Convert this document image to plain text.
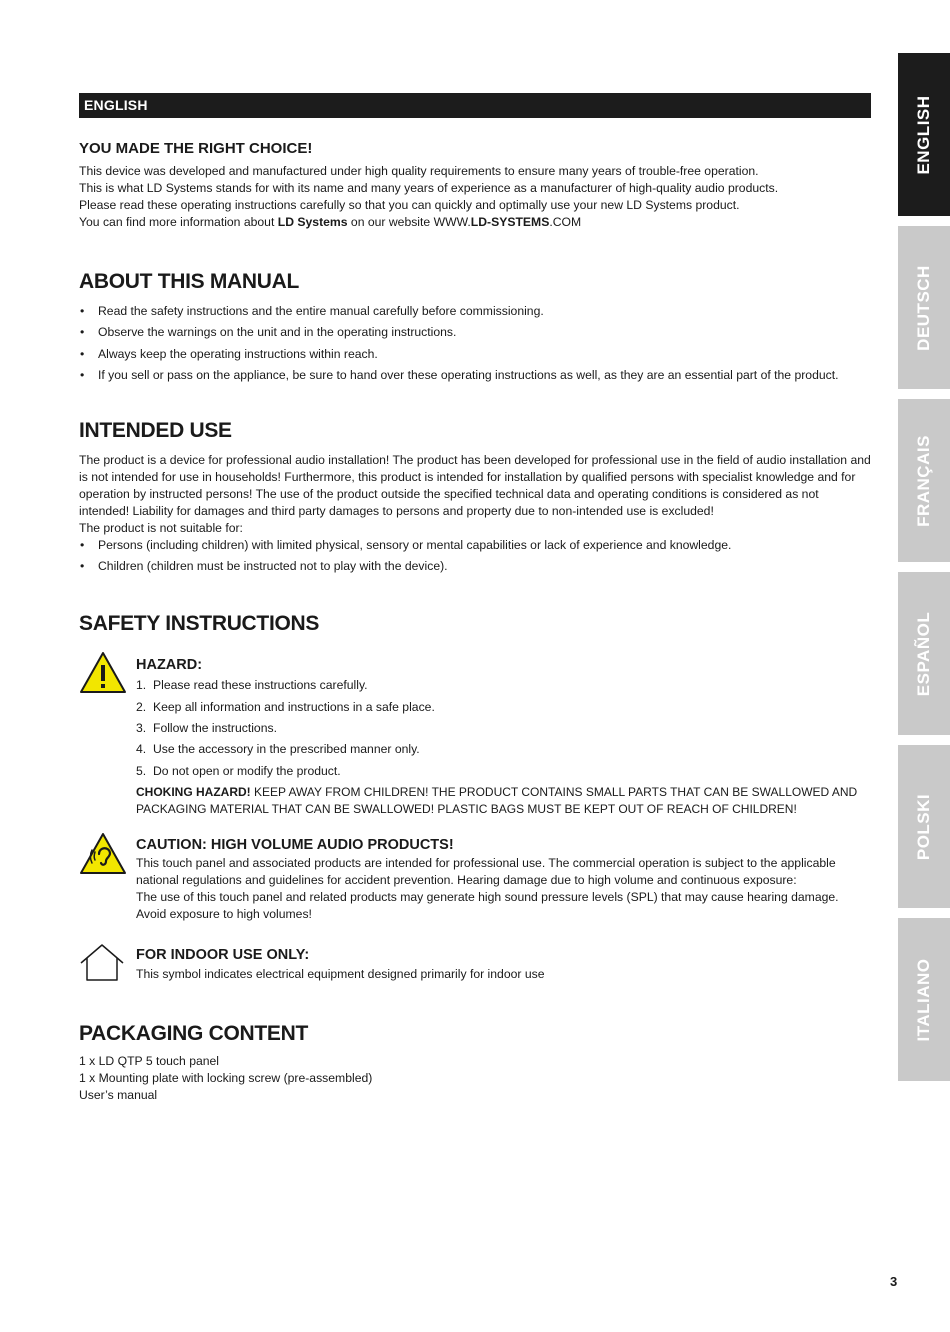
ENGLISH
YOU MADE THE RIGHT CHOICE!

This device was developed and manufactured under high quality requirements to ensure many years of trouble-free operation.

This is what LD Systems stands for with its name and many years of experience as a manufacturer of high-quality audio products.

Please read these operating instructions carefully so that you can quickly and optimally use your new LD Systems product.

You can find more information about LD Systems on our website WWW.LD-SYSTEMS.COM

ABOUT THIS MANUAL
• Read the safety instructions and the entire manual carefully before commissioning.
• Observe the warnings on the unit and in the operating instructions.
• Always keep the operating instructions within reach.
• If you sell or pass on the appliance, be sure to hand over these operating instructions as well, as they are an essential part of the product.
INTENDED USE

The product is a device for professional audio installation! The product has been developed for professional use in the field of audio installation and is not intended for use in households! Furthermore, this product is intended for installation by qualified persons with specialist knowledge and for operation by instructed persons! The use of the product outside the specified technical data and operating conditions is considered as not intended! Liability for damages and third party damages to persons and property due to non-intended use is excluded!

The product is not suitable for:

• Persons (including children) with limited physical, sensory or mental capabilities or lack of experience and knowledge.
• Children (children must be instructed not to play with the device).
SAFETY INSTRUCTIONS
HAZARD:
1. Please read these instructions carefully.
2. Keep all information and instructions in a safe place.
3. Follow the instructions.
4. Use the accessory in the prescribed manner only.
5. Do not open or modify the product.
CHOKING HAZARD! KEEP AWAY FROM CHILDREN! THE PRODUCT CONTAINS SMALL PARTS THAT CAN BE SWALLOWED AND PACKAGING MATERIAL THAT CAN BE SWALLOWED! PLASTIC BAGS MUST BE KEPT OUT OF REACH OF CHILDREN!
CAUTION: HIGH VOLUME AUDIO PRODUCTS!

This touch panel and associated products are intended for professional use. The commercial operation is subject to the applicable national regulations and guidelines for accident prevention. Hearing damage due to high volume and continuous exposure:

The use of this touch panel and related products may generate high sound pressure levels (SPL) that may cause hearing damage. Avoid exposure to high volumes!

FOR INDOOR USE ONLY:

This symbol indicates electrical equipment designed primarily for indoor use

PACKAGING CONTENT

1 x LD QTP 5 touch panel

1 x Mounting plate with locking screw (pre-assembled)

User’s manual

ENGLISH
DEUTSCH
FRANÇAIS
ESPAÑOL
POLSKI
ITALIANO
3
